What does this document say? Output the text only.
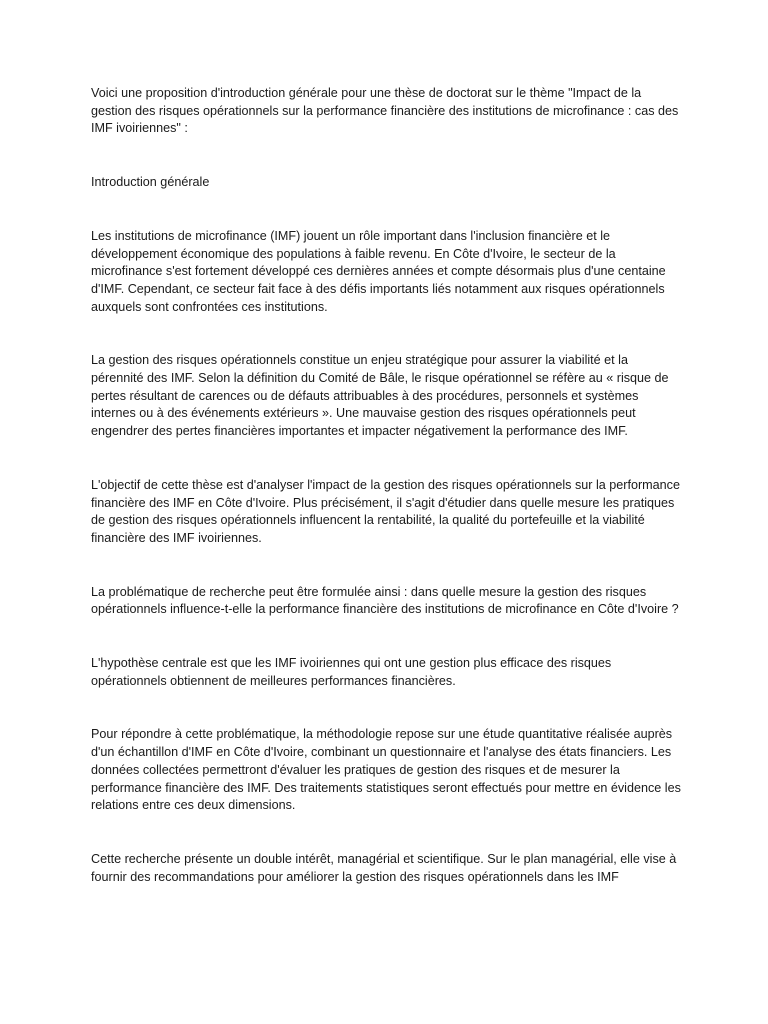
Voici une proposition d'introduction générale pour une thèse de doctorat sur le thème "Impact de la gestion des risques opérationnels sur la performance financière des institutions de microfinance : cas des IMF ivoiriennes" :

Introduction générale

Les institutions de microfinance (IMF) jouent un rôle important dans l'inclusion financière et le développement économique des populations à faible revenu. En Côte d'Ivoire, le secteur de la microfinance s'est fortement développé ces dernières années et compte désormais plus d'une centaine d'IMF. Cependant, ce secteur fait face à des défis importants liés notamment aux risques opérationnels auxquels sont confrontées ces institutions.

La gestion des risques opérationnels constitue un enjeu stratégique pour assurer la viabilité et la pérennité des IMF. Selon la définition du Comité de Bâle, le risque opérationnel se réfère au « risque de pertes résultant de carences ou de défauts attribuables à des procédures, personnels et systèmes internes ou à des événements extérieurs ». Une mauvaise gestion des risques opérationnels peut engendrer des pertes financières importantes et impacter négativement la performance des IMF.

L'objectif de cette thèse est d'analyser l'impact de la gestion des risques opérationnels sur la performance financière des IMF en Côte d'Ivoire. Plus précisément, il s'agit d'étudier dans quelle mesure les pratiques de gestion des risques opérationnels influencent la rentabilité, la qualité du portefeuille et la viabilité financière des IMF ivoiriennes.

La problématique de recherche peut être formulée ainsi : dans quelle mesure la gestion des risques opérationnels influence-t-elle la performance financière des institutions de microfinance en Côte d'Ivoire ?

L'hypothèse centrale est que les IMF ivoiriennes qui ont une gestion plus efficace des risques opérationnels obtiennent de meilleures performances financières.

Pour répondre à cette problématique, la méthodologie repose sur une étude quantitative réalisée auprès d'un échantillon d'IMF en Côte d'Ivoire, combinant un questionnaire et l'analyse des états financiers. Les données collectées permettront d'évaluer les pratiques de gestion des risques et de mesurer la performance financière des IMF. Des traitements statistiques seront effectués pour mettre en évidence les relations entre ces deux dimensions.

Cette recherche présente un double intérêt, managérial et scientifique. Sur le plan managérial, elle vise à fournir des recommandations pour améliorer la gestion des risques opérationnels dans les IMF
